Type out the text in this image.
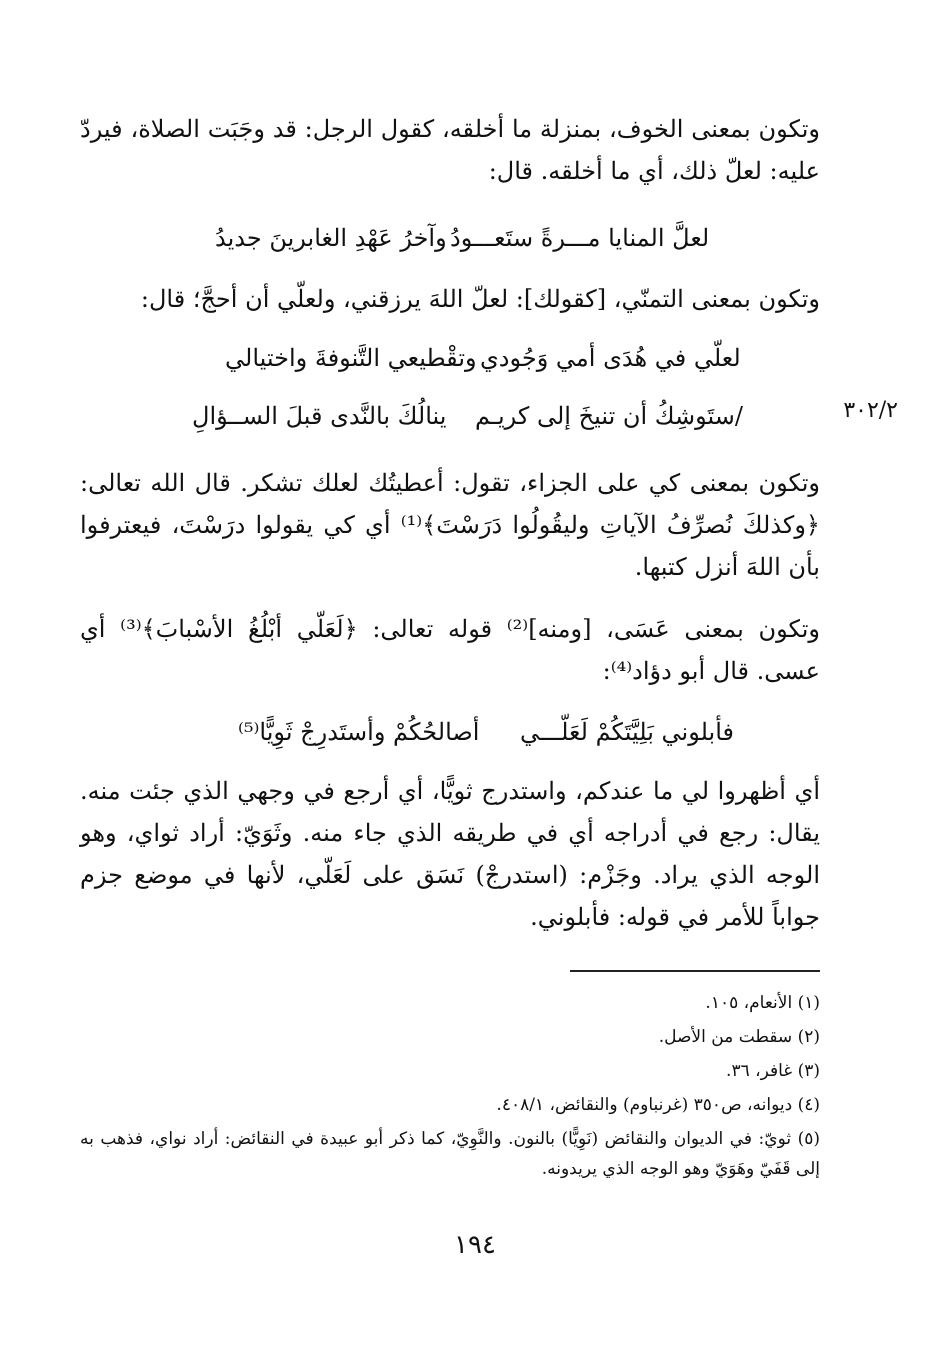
وتكون بمعنى الخوف، بمنزلة ما أخلقه، كقول الرجل: قد وجَبَت الصلاة، فيردّ عليه: لعلّ ذلك، أي ما أخلقه. قال:
لعلَّ المنايا مـــرةً ستَعـــودُ
وآخرُ عَهْدِ الغابرينَ جديدُ
وتكون بمعنى التمنّي، [كقولك]: لعلّ اللهَ يرزقني، ولعلّي أن أحجَّ؛ قال:
لعلّي في هُدَى أمي وَجُودي
وتقْطيعي التَّنوفةَ واختيالي
/ستَوشِكُ أن تنيخَ إلى كريـم
ينالُكَ بالنَّدى قبلَ الســؤالِ	٣٠٢/٢
وتكون بمعنى كي على الجزاء، تقول: أعطيتُك لعلك تشكر. قال الله تعالى: ﴿وكذلكَ نُصرِّفُ الآياتِ وليقُولُوا دَرَسْتَ﴾⁽¹⁾ أي كي يقولوا درَسْتَ، فيعترفوا بأن اللهَ أنزل كتبها.
وتكون بمعنى عَسَى، [ومنه]⁽²⁾ قوله تعالى: ﴿لَعَلّي أبْلُغُ الأسْبابَ﴾⁽³⁾ أي عسى. قال أبو دؤاد⁽⁴⁾:
فأبلوني بَلِيَّتَكُمْ لَعَلّـــي
أصالحُكُمْ وأستَدرِجْ ثَوِيًّا⁽⁵⁾
أي أظهروا لي ما عندكم، واستدرج ثويًّا، أي أرجع في وجهي الذي جئت منه. يقال: رجع في أدراجه أي في طريقه الذي جاء منه. وثَوَيّ: أراد ثواي، وهو الوجه الذي يراد. وجَزْم: (استدرجْ) نَسَق على لَعَلّي، لأنها في موضع جزم جواباً للأمر في قوله: فأبلوني.
(١) الأنعام، ١٠٥.
(٢) سقطت من الأصل.
(٣) غافر، ٣٦.
(٤) ديوانه، ص٣٥٠ (غرنباوم) والنقائض، ٤٠٨/١.
(٥) ثويّ: في الديوان والنقائض (نَوِيًّا) بالنون. والنَّوِيّ، كما ذكر أبو عبيدة في النقائض: أراد نواي، فذهب به إلى قَفَيّ وهَوَيّ وهو الوجه الذي يريدونه.
١٩٤
